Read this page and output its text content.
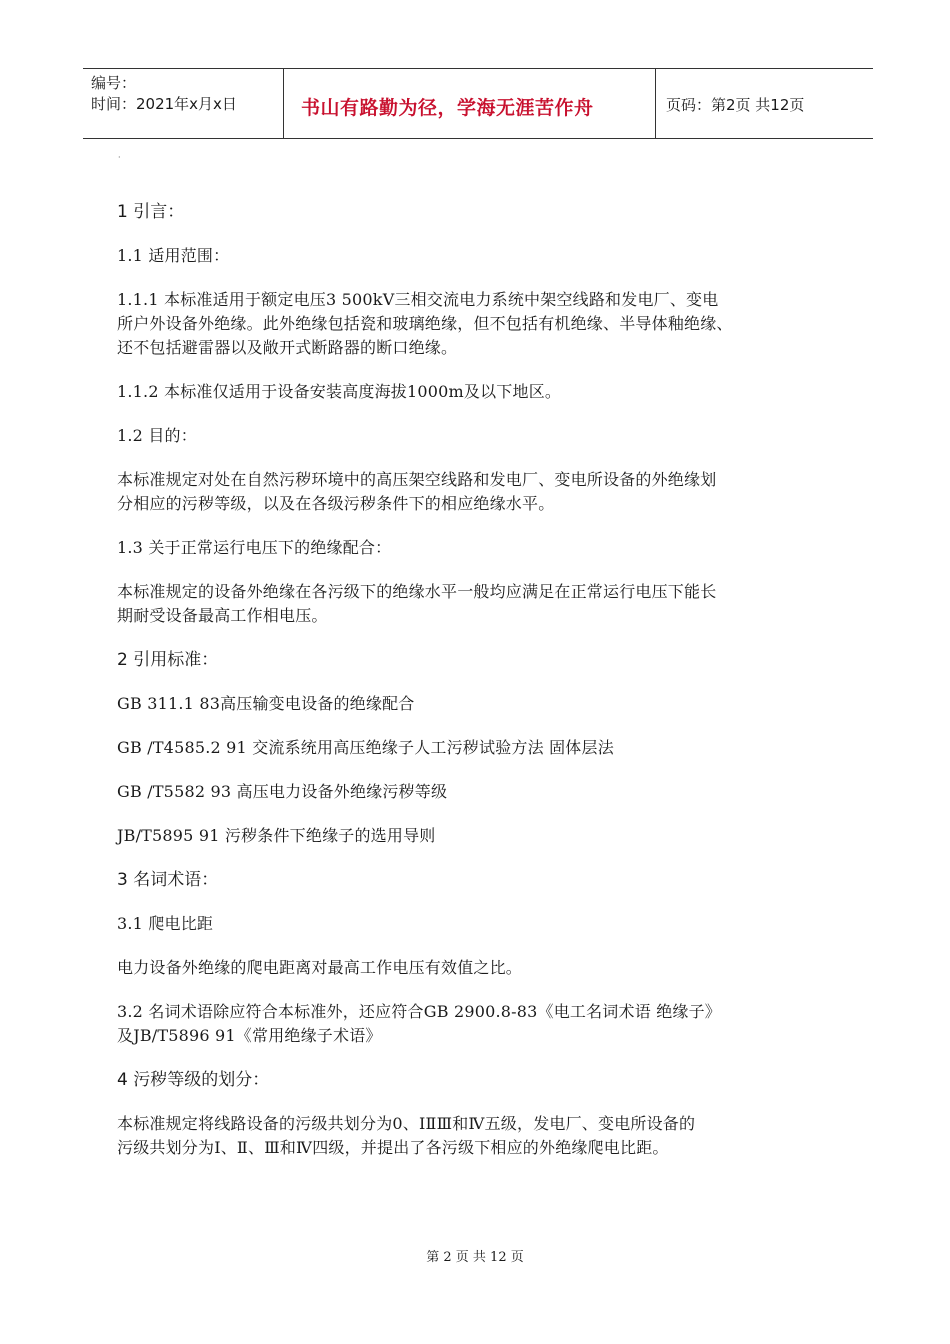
编号：
时间：2021年x月x日	书山有路勤为径，学海无涯苦作舟	页码：第2页 共12页
·
1 引言：
1.1 适用范围：
1.1.1 本标准适用于额定电压3 500kV三相交流电力系统中架空线路和发电厂、变电
所户外设备外绝缘。此外绝缘包括瓷和玻璃绝缘，但不包括有机绝缘、半导体釉绝缘、
还不包括避雷器以及敞开式断路器的断口绝缘。
1.1.2 本标准仅适用于设备安装高度海拔1000m及以下地区。
1.2 目的：
本标准规定对处在自然污秽环境中的高压架空线路和发电厂、变电所设备的外绝缘划
分相应的污秽等级，以及在各级污秽条件下的相应绝缘水平。
1.3 关于正常运行电压下的绝缘配合：
本标准规定的设备外绝缘在各污级下的绝缘水平一般均应满足在正常运行电压下能长
期耐受设备最高工作相电压。
2 引用标准：
GB 311.1 83高压输变电设备的绝缘配合
GB /T4585.2 91 交流系统用高压绝缘子人工污秽试验方法 固体层法
GB /T5582 93 高压电力设备外绝缘污秽等级
JB/T5895 91 污秽条件下绝缘子的选用导则
3 名词术语：
3.1 爬电比距
电力设备外绝缘的爬电距离对最高工作电压有效值之比。
3.2 名词术语除应符合本标准外，还应符合GB 2900.8-83《电工名词术语 绝缘子》
及JB/T5896 91《常用绝缘子术语》
4 污秽等级的划分：
本标准规定将线路设备的污级共划分为0、ⅠⅡⅢ和Ⅳ五级，发电厂、变电所设备的
污级共划分为Ⅰ、Ⅱ、Ⅲ和Ⅳ四级，并提出了各污级下相应的外绝缘爬电比距。
第 2 页 共 12 页
